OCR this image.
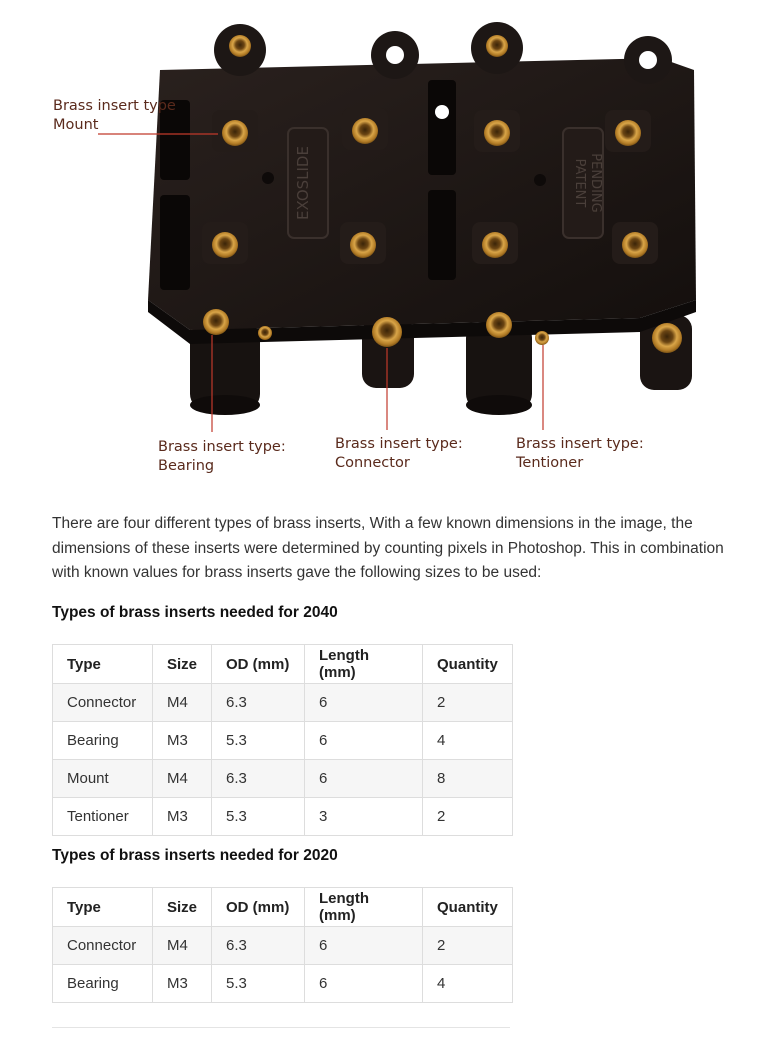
EXOSLIDE	PATENT PENDING
Brass insert type
Mount
Brass insert type:
Bearing
Brass insert type:
Connector
Brass insert type:
Tentioner

There are four different types of brass inserts, With a few known dimensions in the image, the dimensions of these inserts were determined by counting pixels in Photoshop. This in combination with known values for brass inserts gave the following sizes to be used:

Types of brass inserts needed for 2040
Type	Size	OD (mm)	Length (mm)	Quantity
Connector	M4	6.3	6	2
Bearing	M3	5.3	6	4
Mount	M4	6.3	6	8
Tentioner	M3	5.3	3	2
Types of brass inserts needed for 2020
Type	Size	OD (mm)	Length (mm)	Quantity
Connector	M4	6.3	6	2
Bearing	M3	5.3	6	4
